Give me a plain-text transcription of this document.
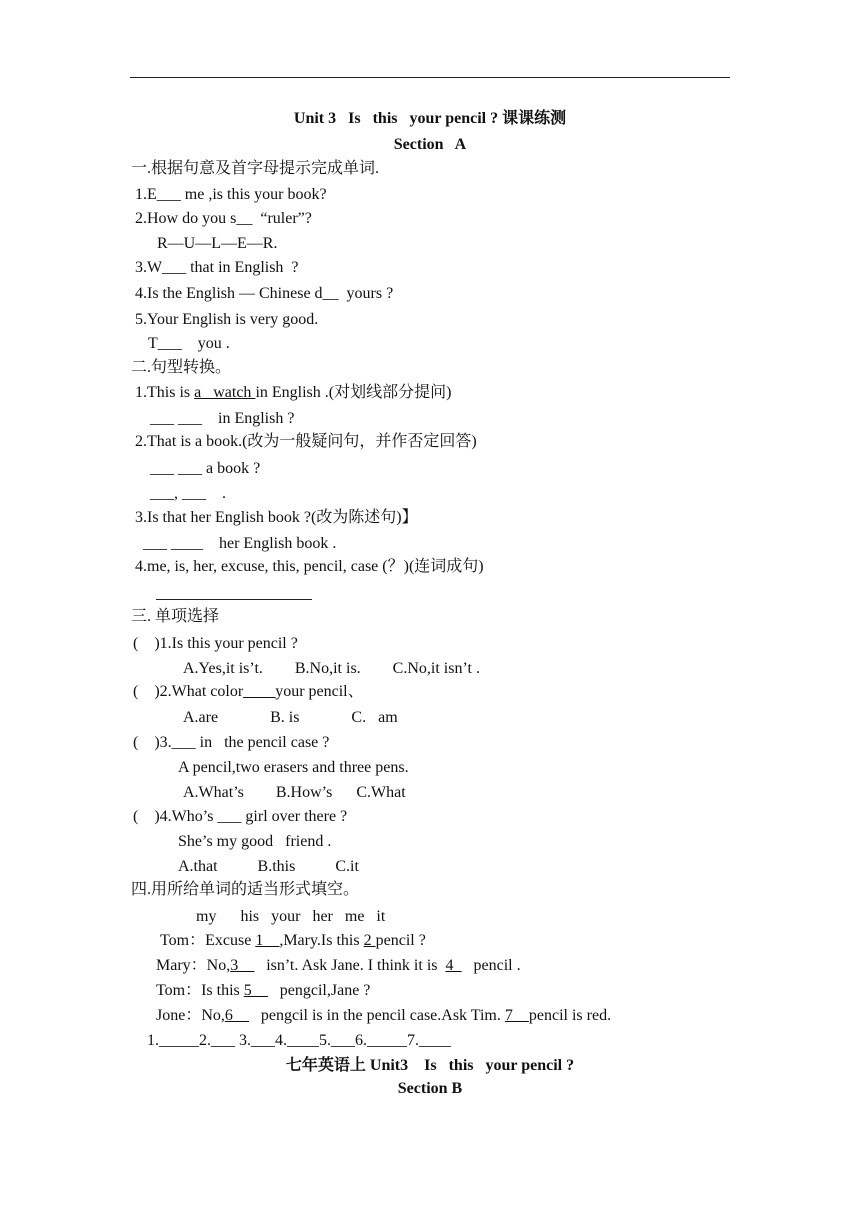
Unit 3   Is   this   your pencil ? 课课练测
Section   A
一.根据句意及首字母提示完成单词.
1.E___ me ,is this your book?
2.How do you s__  “ruler”?
R—U—L—E—R.
3.W___ that in English  ?
4.Is the English — Chinese d__  yours ?
5.Your English is very good.
T___    you .
二.句型转换。
1.This is a   watch in English .(对划线部分提问)
___ ___    in English ?
2.That is a book.(改为一般疑问句，并作否定回答)
___ ___ a book ?
___, ___    .
3.Is that her English book ?(改为陈述句)】
___ ____    her English book .
4.me, is, her, excuse, this, pencil, case (？)(连词成句)
三. 单项选择
(    )1.Is this your pencil ?
A.Yes,it is’t.        B.No,it is.        C.No,it isn’t .
(    )2.What color____your pencil、
A.are             B. is             C.   am
(    )3.___ in   the pencil case ?
A pencil,two erasers and three pens.
A.What’s        B.How’s      C.What
(    )4.Who’s ___ girl over there ?
She’s my good   friend .
A.that          B.this          C.it
四.用所给单词的适当形式填空。
my      his   your   her   me   it
Tom：Excuse 1__,Mary.Is this 2 pencil ?
Mary：No,3__   isn’t. Ask Jane. I think it is  4_   pencil .
Tom：Is this 5__   pengcil,Jane ?
Jone：No,6__   pengcil is in the pencil case.Ask Tim. 7__pencil is red.
1._____2.___ 3.___4.____5.___6._____7.____
七年英语上 Unit3    Is   this   your pencil ?
Section B
